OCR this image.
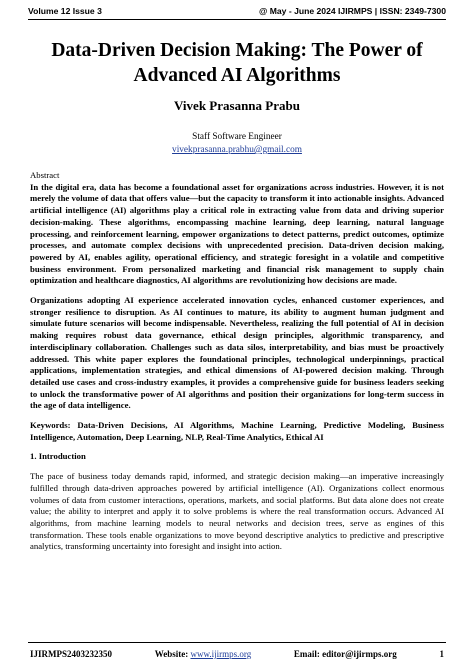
Volume 12 Issue 3	@ May - June 2024 IJIRMPS | ISSN: 2349-7300
Data-Driven Decision Making: The Power of
Advanced AI Algorithms
Vivek Prasanna Prabu
Staff Software Engineer
vivekprasanna.prabhu@gmail.com

Abstract

In the digital era, data has become a foundational asset for organizations across industries. However, it is not merely the volume of data that offers value—but the capacity to transform it into actionable insights. Advanced artificial intelligence (AI) algorithms play a critical role in extracting value from data and driving superior decision-making. These algorithms, encompassing machine learning, deep learning, natural language processing, and reinforcement learning, empower organizations to detect patterns, predict outcomes, optimize processes, and automate complex decisions with unprecedented precision. Data-driven decision making, powered by AI, enables agility, operational efficiency, and strategic foresight in a volatile and competitive business environment. From personalized marketing and financial risk management to supply chain optimization and healthcare diagnostics, AI algorithms are revolutionizing how decisions are made.

Organizations adopting AI experience accelerated innovation cycles, enhanced customer experiences, and stronger resilience to disruption. As AI continues to mature, its ability to augment human judgment and simulate future scenarios will become indispensable. Nevertheless, realizing the full potential of AI in decision making requires robust data governance, ethical design principles, algorithmic transparency, and interdisciplinary collaboration. Challenges such as data silos, interpretability, and bias must be proactively addressed. This white paper explores the foundational principles, technological underpinnings, practical applications, implementation strategies, and ethical dimensions of AI-powered decision making. Through detailed use cases and cross-industry examples, it provides a comprehensive guide for business leaders seeking to unlock the transformative power of AI algorithms and position their organizations for long-term success in the age of data intelligence.

Keywords: Data-Driven Decisions, AI Algorithms, Machine Learning, Predictive Modeling, Business Intelligence, Automation, Deep Learning, NLP, Real-Time Analytics, Ethical AI

1. Introduction

The pace of business today demands rapid, informed, and strategic decision making—an imperative increasingly fulfilled through data-driven approaches powered by artificial intelligence (AI). Organizations collect enormous volumes of data from customer interactions, operations, markets, and social platforms. But data alone does not create value; the ability to interpret and apply it to solve problems is where the real transformation occurs. Advanced AI algorithms, from machine learning models to neural networks and decision trees, serve as engines of this transformation. These tools enable organizations to move beyond descriptive analytics to predictive and prescriptive analytics, transforming uncertainty into foresight and insight into action.

IJIRMPS2403232350	Website: www.ijirmps.org	Email: editor@ijirmps.org	1
